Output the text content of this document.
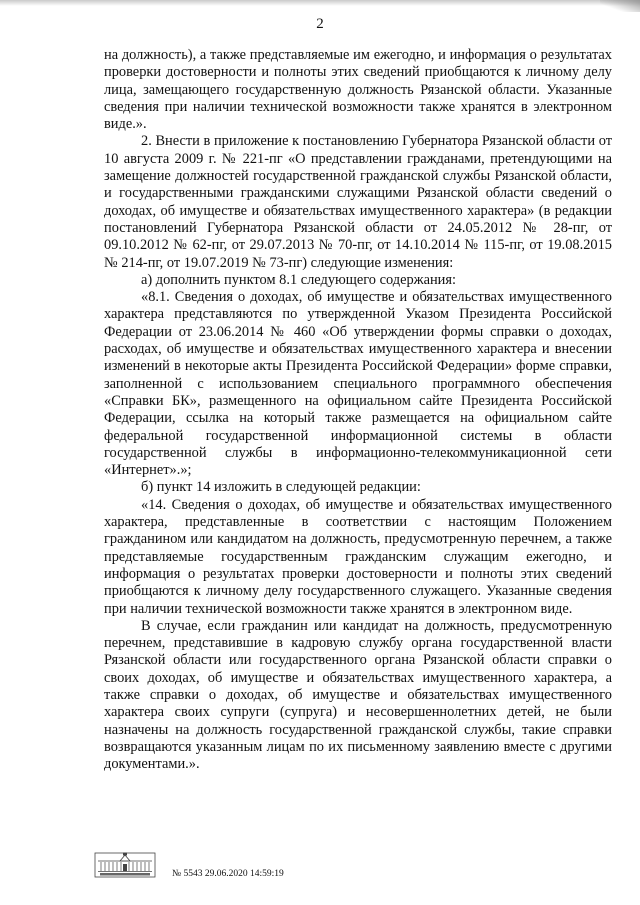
2

на должность), а также представляемые им ежегодно, и информация о результатах проверки достоверности и полноты этих сведений приобщаются к личному делу лица, замещающего государственную должность Рязанской области. Указанные сведения при наличии технической возможности также хранятся в электронном виде.».

2. Внести в приложение к постановлению Губернатора Рязанской области от 10 августа 2009 г. № 221-пг «О представлении гражданами, претендующими на замещение должностей государственной гражданской службы Рязанской области, и государственными гражданскими служащими Рязанской области сведений о доходах, об имуществе и обязательствах имущественного характера» (в редакции постановлений Губернатора Рязанской области от 24.05.2012 № 28-пг, от 09.10.2012 № 62-пг, от 29.07.2013 № 70-пг, от 14.10.2014 № 115-пг, от 19.08.2015 № 214-пг, от 19.07.2019 № 73-пг) следующие изменения:

а) дополнить пунктом 8.1 следующего содержания:

«8.1. Сведения о доходах, об имуществе и обязательствах имущественного характера представляются по утвержденной Указом Президента Российской Федерации от 23.06.2014 № 460 «Об утверждении формы справки о доходах, расходах, об имуществе и обязательствах имущественного характера и внесении изменений в некоторые акты Президента Российской Федерации» форме справки, заполненной с использованием специального программного обеспечения «Справки БК», размещенного на официальном сайте Президента Российской Федерации, ссылка на который также размещается на официальном сайте федеральной государственной информационной системы в области государственной службы в информационно-телекоммуникационной сети «Интернет».»;

б) пункт 14 изложить в следующей редакции:

«14. Сведения о доходах, об имуществе и обязательствах имущественного характера, представленные в соответствии с настоящим Положением гражданином или кандидатом на должность, предусмотренную перечнем, а также представляемые государственным гражданским служащим ежегодно, и информация о результатах проверки достоверности и полноты этих сведений приобщаются к личному делу государственного служащего. Указанные сведения при наличии технической возможности также хранятся в электронном виде.

В случае, если гражданин или кандидат на должность, предусмотренную перечнем, представившие в кадровую службу органа государственной власти Рязанской области или государственного органа Рязанской области справки о своих доходах, об имуществе и обязательствах имущественного характера, а также справки о доходах, об имуществе и обязательствах имущественного характера своих супруги (супруга) и несовершеннолетних детей, не были назначены на должность государственной гражданской службы, такие справки возвращаются указанным лицам по их письменному заявлению вместе с другими документами.».

№ 5543 29.06.2020 14:59:19
